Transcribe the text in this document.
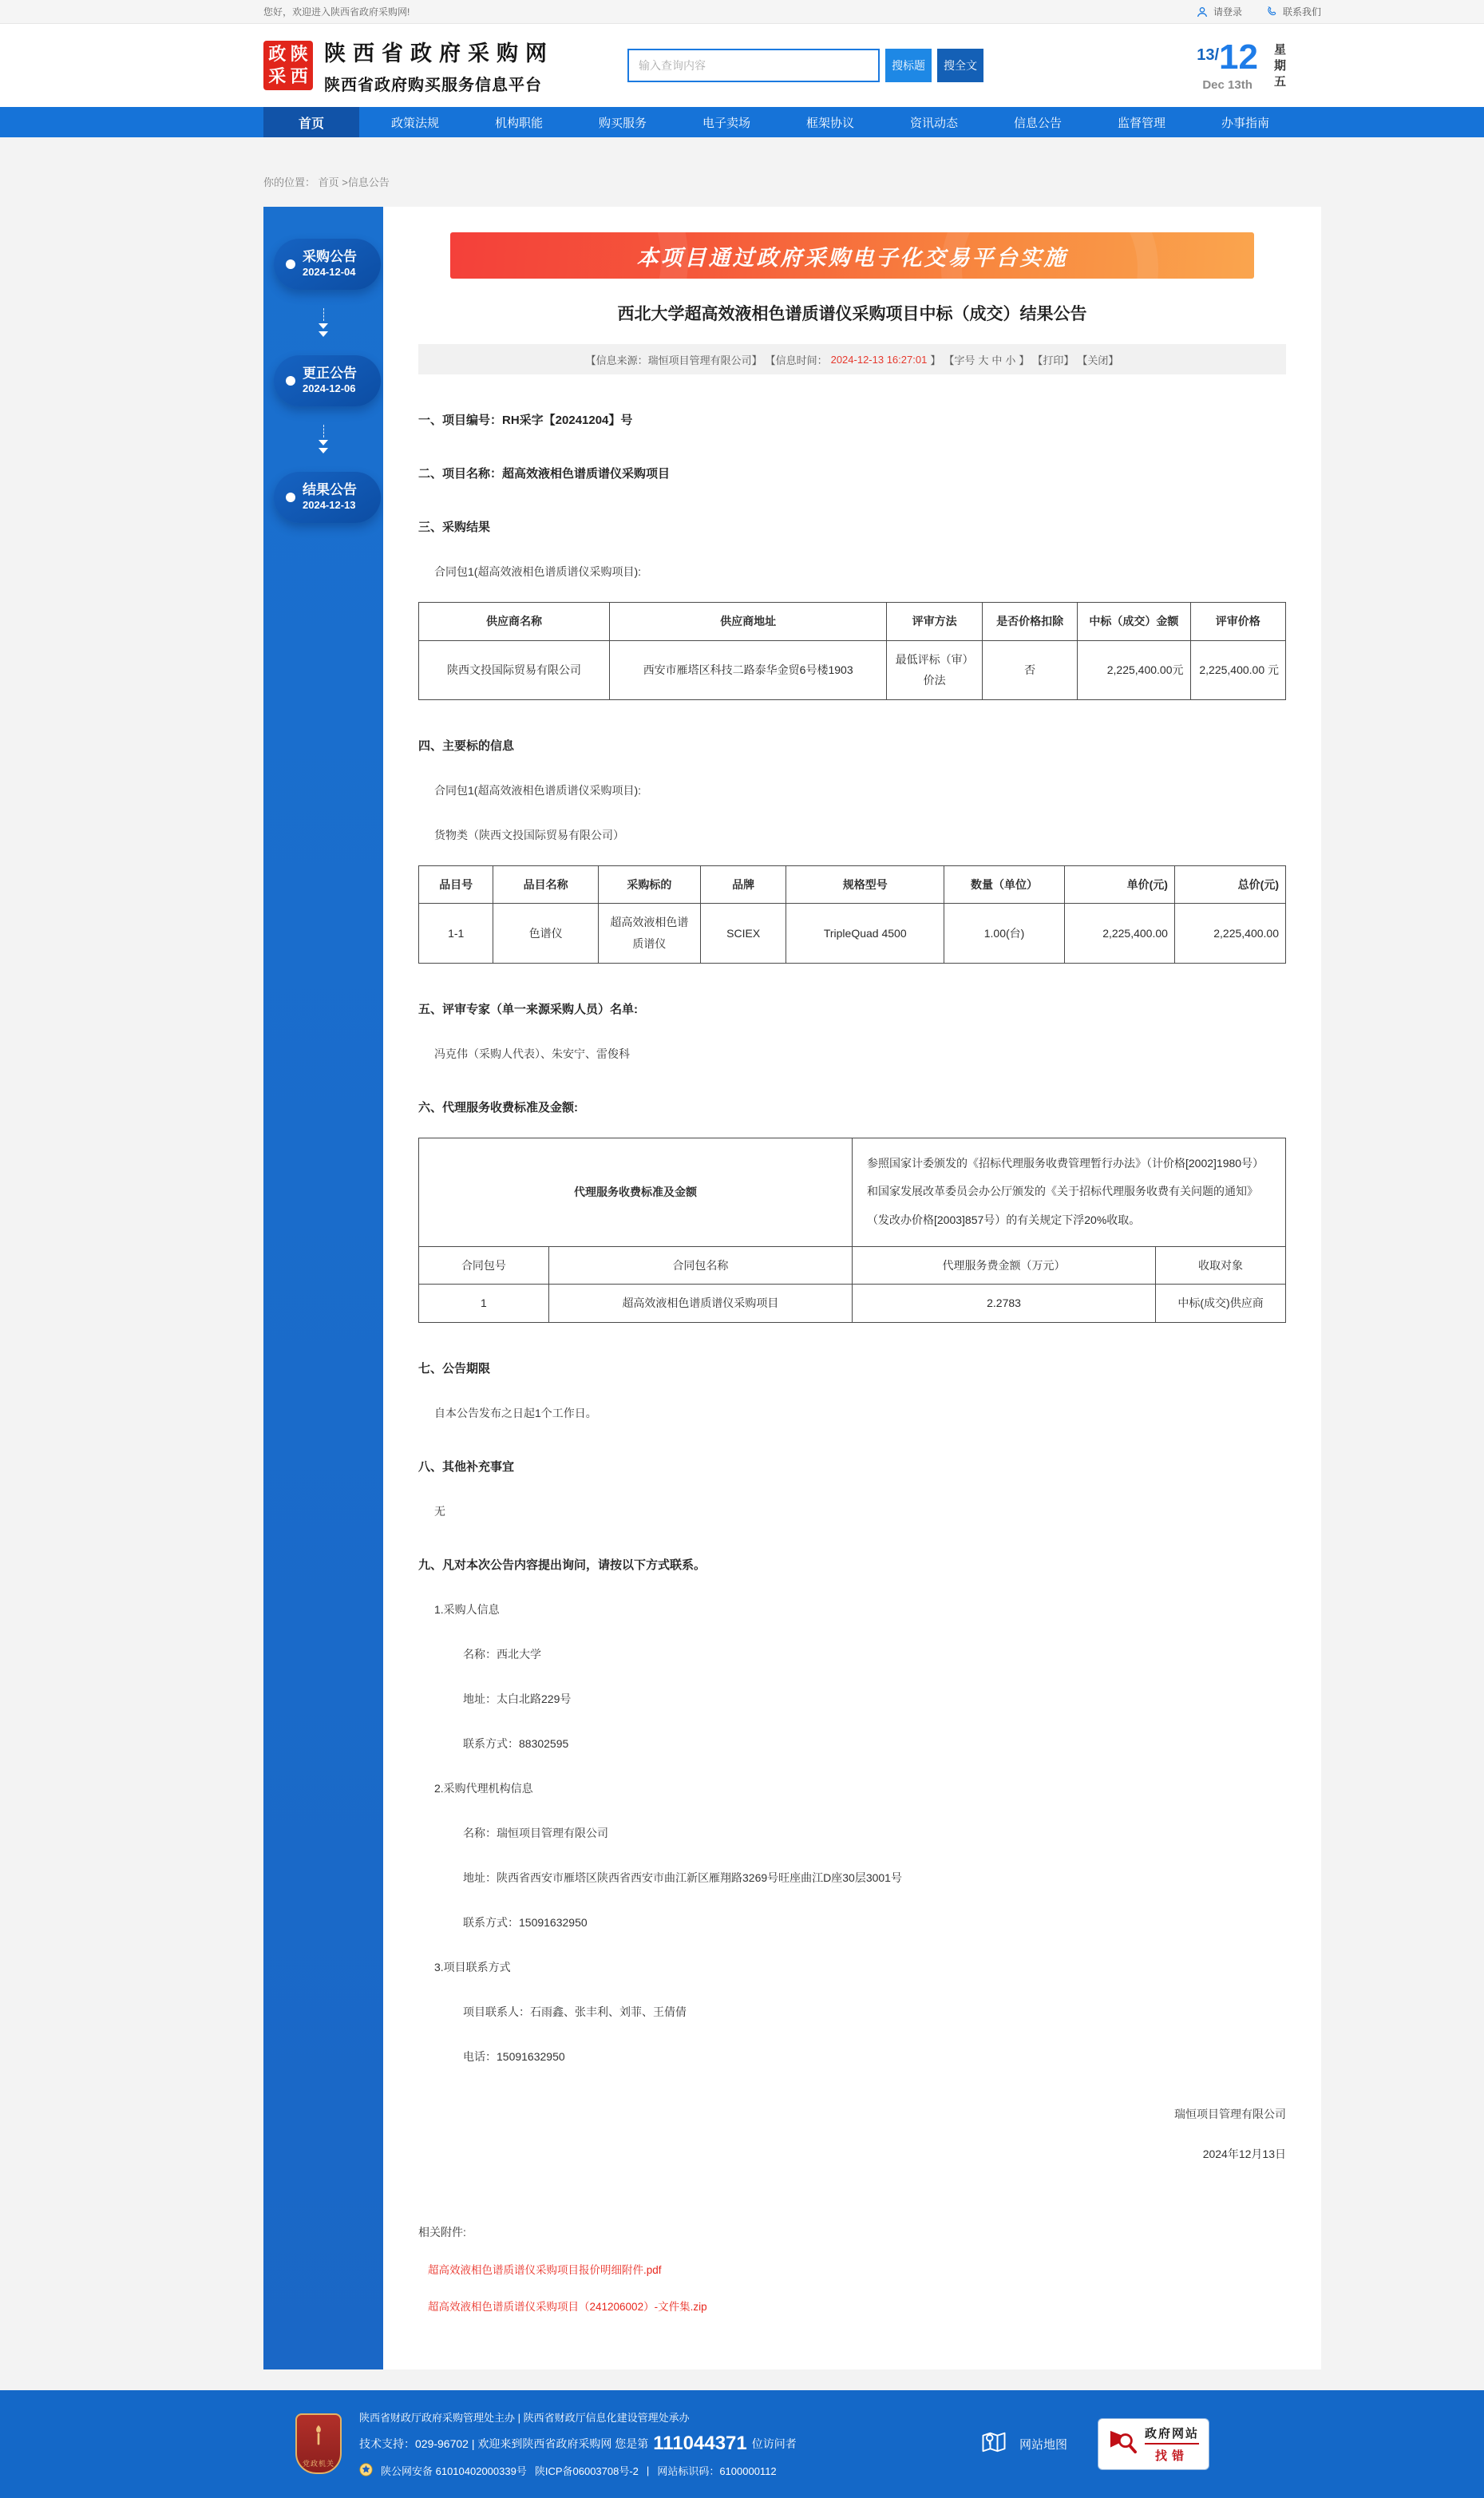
您好，欢迎进入陕西省政府采购网!	请登录	联系我们
政 陕
采 西
陕西省政府采购网
陕西省政府购买服务信息平台
输入查询内容
搜标题	搜全文
13/ 12
Dec 13th	星期五
首页	政策法规	机构职能	购买服务	电子卖场	框架协议	资讯动态	信息公告	监督管理	办事指南
你的位置： 首页 >信息公告
采购公告
2024-12-04
更正公告
2024-12-06
结果公告
2024-12-13
本项目通过政府采购电子化交易平台实施
西北大学超高效液相色谱质谱仪采购项目中标（成交）结果公告
【信息来源：瑞恒项目管理有限公司】 【信息时间： 2024-12-13 16:27:01 】 【字号 大 中 小 】 【打印】 【关闭】
一、项目编号：RH采字【20241204】号
二、项目名称：超高效液相色谱质谱仪采购项目
三、采购结果
合同包1(超高效液相色谱质谱仪采购项目):
供应商名称	供应商地址	评审方法	是否价格扣除	中标（成交）金额	评审价格
陕西文投国际贸易有限公司	西安市雁塔区科技二路泰华金贸6号楼1903	最低评标（审）价法	否	2,225,400.00元	2,225,400.00 元
四、主要标的信息
合同包1(超高效液相色谱质谱仪采购项目):
货物类（陕西文投国际贸易有限公司）
品目号	品目名称	采购标的	品牌	规格型号	数量（单位）	单价(元)	总价(元)
1-1	色谱仪	超高效液相色谱质谱仪	SCIEX	TripleQuad 4500	1.00(台)	2,225,400.00	2,225,400.00
五、评审专家（单一来源采购人员）名单:
冯克伟（采购人代表）、朱安宁、雷俊科
六、代理服务收费标准及金额:
代理服务收费标准及金额		参照国家计委颁发的《招标代理服务收费管理暂行办法》（计价格[2002]1980号）和国家发展改革委员会办公厅颁发的《关于招标代理服务收费有关问题的通知》（发改办价格[2003]857号）的有关规定下浮20%收取。	
合同包号	合同包名称	代理服务费金额（万元）	收取对象
1	超高效液相色谱质谱仪采购项目	2.2783	中标(成交)供应商
七、公告期限
自本公告发布之日起1个工作日。
八、其他补充事宜
无
九、凡对本次公告内容提出询问，请按以下方式联系。
1.采购人信息
名称：西北大学
地址：太白北路229号
联系方式：88302595
2.采购代理机构信息
名称：瑞恒项目管理有限公司
地址：陕西省西安市雁塔区陕西省西安市曲江新区雁翔路3269号旺座曲江D座30层3001号
联系方式：15091632950
3.项目联系方式
项目联系人：石雨鑫、张丰利、刘菲、王倩倩
电话：15091632950
瑞恒项目管理有限公司
2024年12月13日
相关附件:
超高效液相色谱质谱仪采购项目报价明细附件.pdf
超高效液相色谱质谱仪采购项目（241206002）-文件集.zip
党政机关
陕西省财政厅政府采购管理处主办 | 陕西省财政厅信息化建设管理处承办
技术支持：029-96702 | 欢迎来到陕西省政府采购网 您是第 111044371 位访问者
陕公网安备 61010402000339号 陕ICP备06003708号-2 | 网站标识码：6100000112
网站地图
政府网站
找错
